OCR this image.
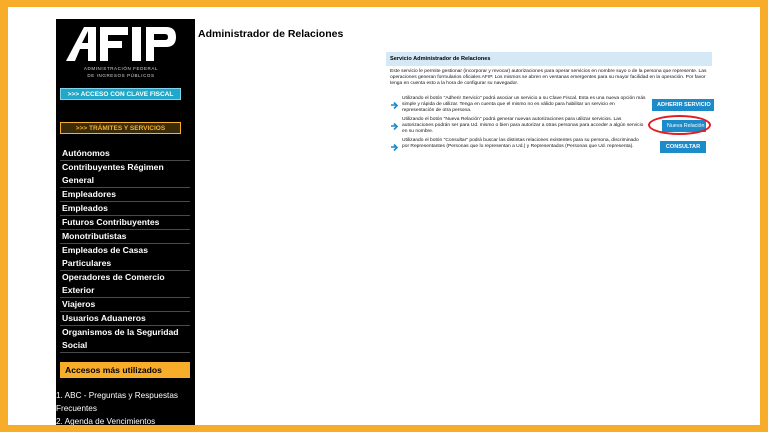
ADMINISTRACIÓN FEDERAL
DE INGRESOS PÚBLICOS
>>> ACCESO CON CLAVE FISCAL
>>> TRÁMITES Y SERVICIOS
Autónomos
Contribuyentes Régimen General
Empleadores
Empleados
Futuros Contribuyentes
Monotributistas
Empleados de Casas Particulares
Operadores de Comercio Exterior
Viajeros
Usuarios Aduaneros
Organismos de la Seguridad Social
Accesos más utilizados
1. ABC - Preguntas y Respuestas Frecuentes
2. Agenda de Vencimientos
Administrador de Relaciones
Servicio Administrador de Relaciones

Este servicio le permite gestionar (incorporar y revocar) autorizaciones para operar servicios en nombre suyo o de la persona que represente. Las operaciones generan formularios oficiales AFIP. Los mismos se abren en ventanas emergentes para su mayor facilidad en la operación. Por favor tenga en cuenta esto a la hora de configurar su navegador.

Utilizando el botón "Adherir Servicio" podrá asociar un servicio a su Clave Fiscal. Esta es una nueva opción más simple y rápida de utilizar. Tenga en cuenta que el mismo no es válido para habilitar un servicio en representación de otra persona.

ADHERIR SERVICIO

Utilizando el botón "Nueva Relación" podrá generar nuevas autorizaciones para utilizar servicios. Las autorizaciones podrán ser para Ud. mismo o bien para autorizar a otras personas para acceder a algún servicio en su nombre.

Nueva Relación

Utilizando el botón "Consultar" podrá buscar las distintas relaciones existentes para su persona, discriminado por Representantes (Personas que lo representan a Ud.) y Representados (Personas que Ud. representa).	CONSULTAR
